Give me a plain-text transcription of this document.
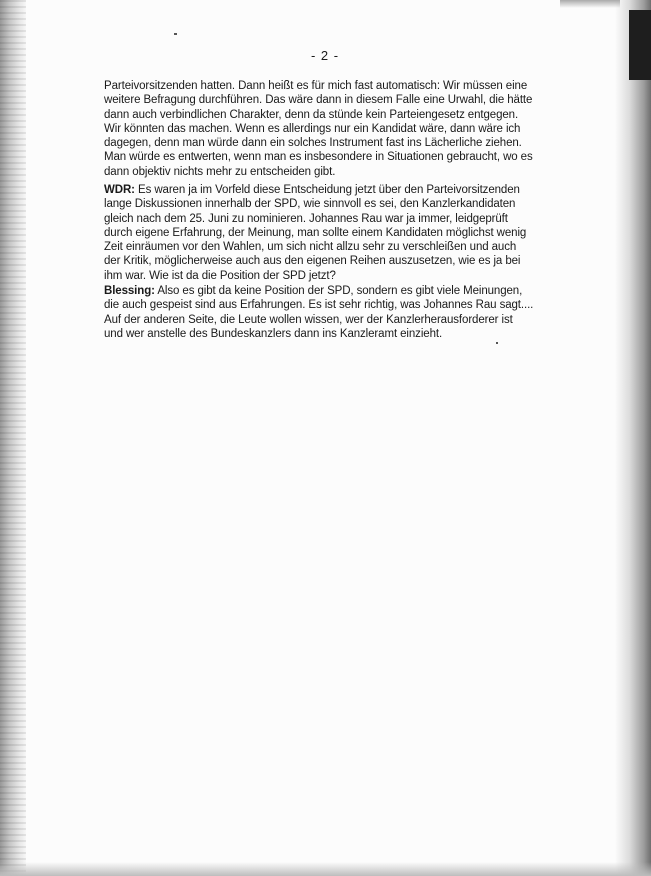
- 2 -

Parteivorsitzenden hatten. Dann heißt es für mich fast automatisch: Wir müssen eine weitere Befragung durchführen. Das wäre dann in diesem Falle eine Urwahl, die hätte dann auch verbindlichen Charakter, denn da stünde kein Parteiengesetz entgegen. Wir könnten das machen. Wenn es allerdings nur ein Kandidat wäre, dann wäre ich dagegen, denn man würde dann ein solches Instrument fast ins Lächerliche ziehen. Man würde es entwerten, wenn man es insbesondere in Situationen gebraucht, wo es dann objektiv nichts mehr zu entscheiden gibt.

WDR: Es waren ja im Vorfeld diese Entscheidung jetzt über den Parteivorsitzenden lange Diskussionen innerhalb der SPD, wie sinnvoll es sei, den Kanzlerkandidaten gleich nach dem 25. Juni zu nominieren. Johannes Rau war ja immer, leidgeprüft durch eigene Erfahrung, der Meinung, man sollte einem Kandidaten möglichst wenig Zeit einräumen vor den Wahlen, um sich nicht allzu sehr zu verschleißen und auch der Kritik, möglicherweise auch aus den eigenen Reihen auszusetzen, wie es ja bei ihm war. Wie ist da die Position der SPD jetzt?

Blessing: Also es gibt da keine Position der SPD, sondern es gibt viele Meinungen, die auch gespeist sind aus Erfahrungen. Es ist sehr richtig, was Johannes Rau sagt.... Auf der anderen Seite, die Leute wollen wissen, wer der Kanzlerherausforderer ist und wer anstelle des Bundeskanzlers dann ins Kanzleramt einzieht.
